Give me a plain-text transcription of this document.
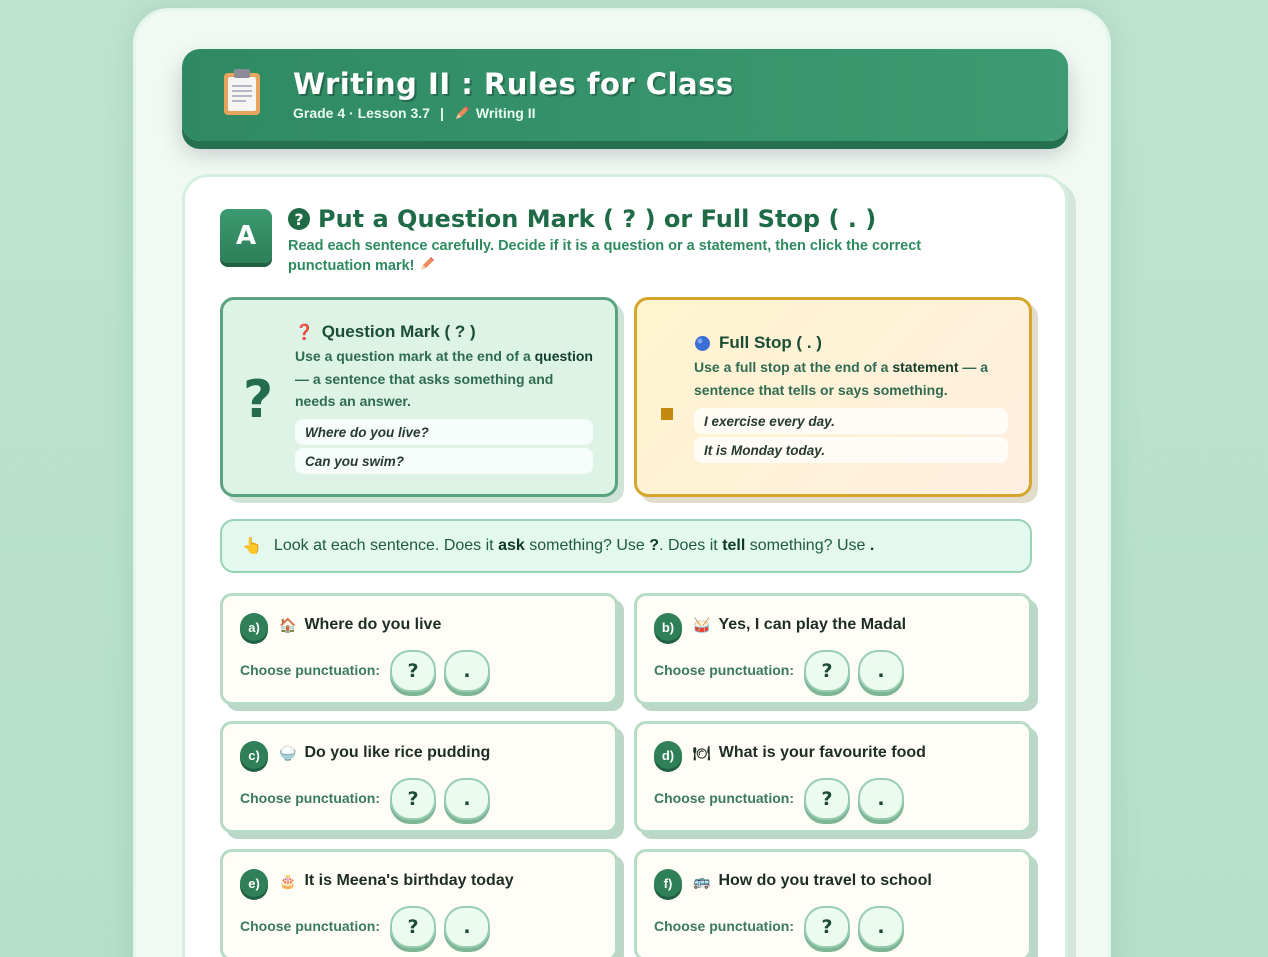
Writing II : Rules for Class
Grade 4 · Lesson 3.7 | Writing II
A
? Put a Question Mark ( ? ) or Full Stop ( . )
Read each sentence carefully. Decide if it is a question or a statement, then click the correct punctuation mark!
?
❓ Question Mark ( ? )
Use a question mark at the end of a question — a sentence that asks something and needs an answer.
Where do you live?
Can you swim?
Full Stop ( . )
Use a full stop at the end of a statement — a sentence that tells or says something.
I exercise every day.
It is Monday today.
👆 Look at each sentence. Does it ask something? Use ?. Does it tell something? Use .
a)	🏠 Where do you live
Choose punctuation:	?	.
b)	🥁 Yes, I can play the Madal
Choose punctuation:	?	.
c)	🍚 Do you like rice pudding
Choose punctuation:	?	.
d)	🍽 What is your favourite food
Choose punctuation:	?	.
e)	🎂 It is Meena's birthday today
Choose punctuation:	?	.
f)	🚌 How do you travel to school
Choose punctuation:	?	.
